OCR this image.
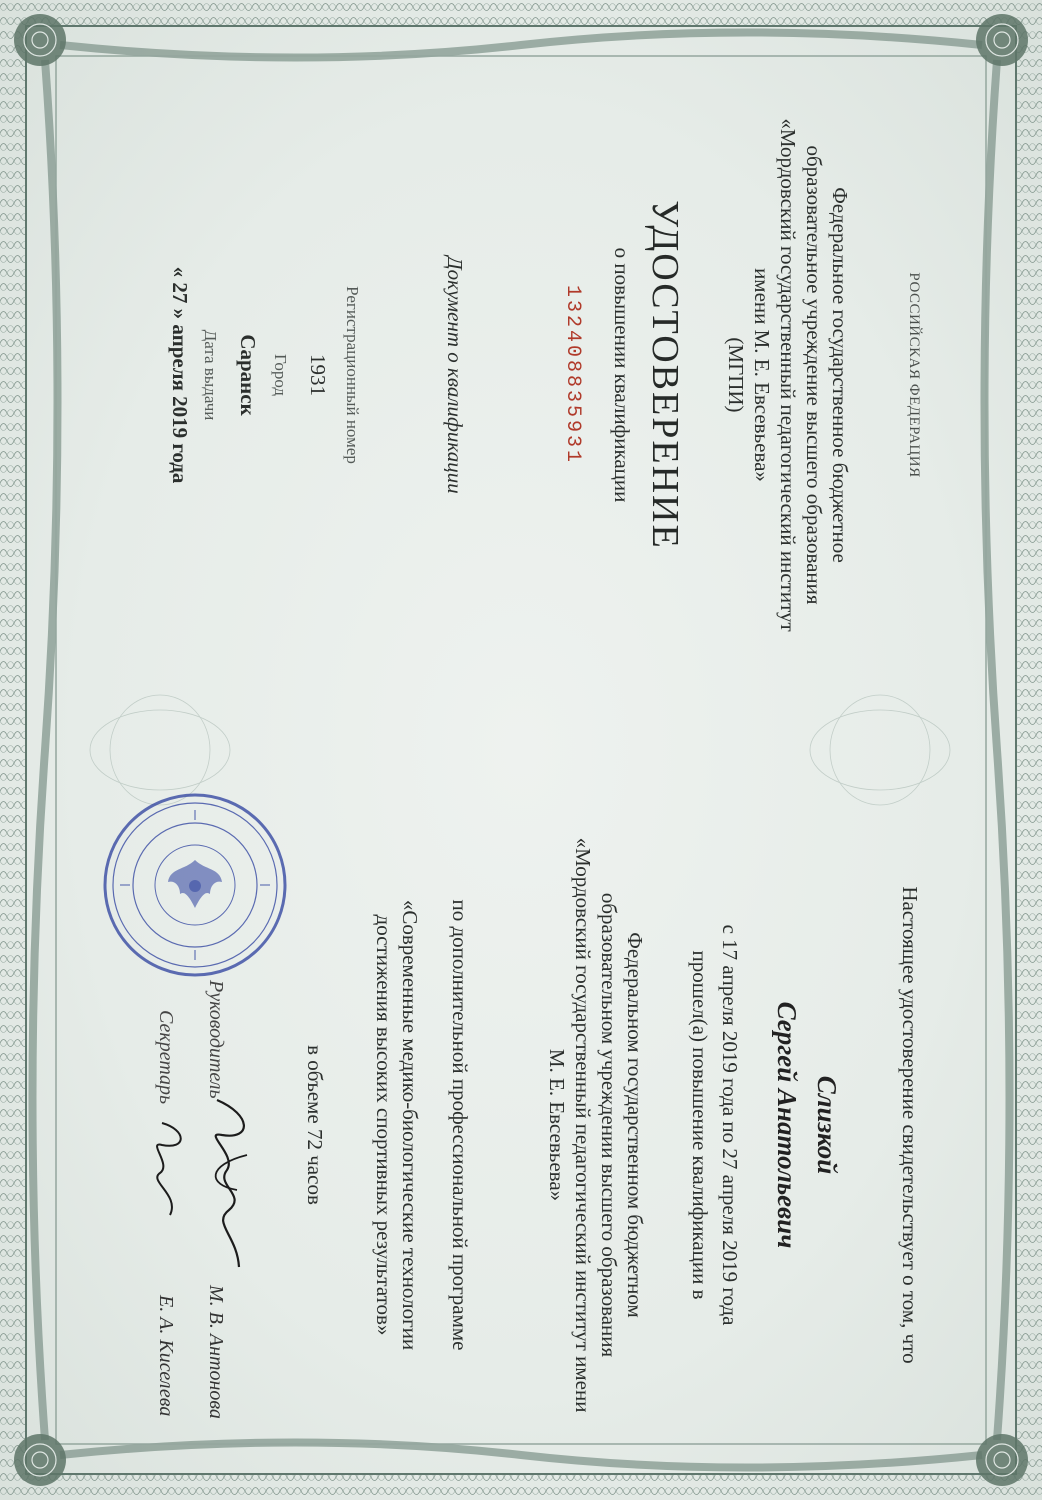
РОССИЙСКАЯ ФЕДЕРАЦИЯ
Федеральное государственное бюджетное
образовательное учреждение высшего образования
«Мордовский государственный педагогический институт
имени М. Е. Евсевьева»
(МГПИ)
УДОСТОВЕРЕНИЕ
о повышении квалификации
132408835931
Документ о квалификации
Регистрационный номер
1931
Город
Саранск
Дата выдачи
« 27 » апреля 2019 года
Настоящее удостоверение свидетельствует о том, что
Слизкой
Сергей Анатольевич
с 17 апреля 2019 года по 27 апреля 2019 года
прошел(а) повышение квалификации в
Федеральном государственном бюджетном
образовательном учреждении высшего образования
«Мордовский государственный педагогический институт имени
М. Е. Евсевьева»
по дополнительной профессиональной программе
«Современные медико-биологические технологии
достижения высоких спортивных результатов»
в объеме 72 часов
Руководитель
М. В. Антонова
Секретарь
Е. А. Киселева
